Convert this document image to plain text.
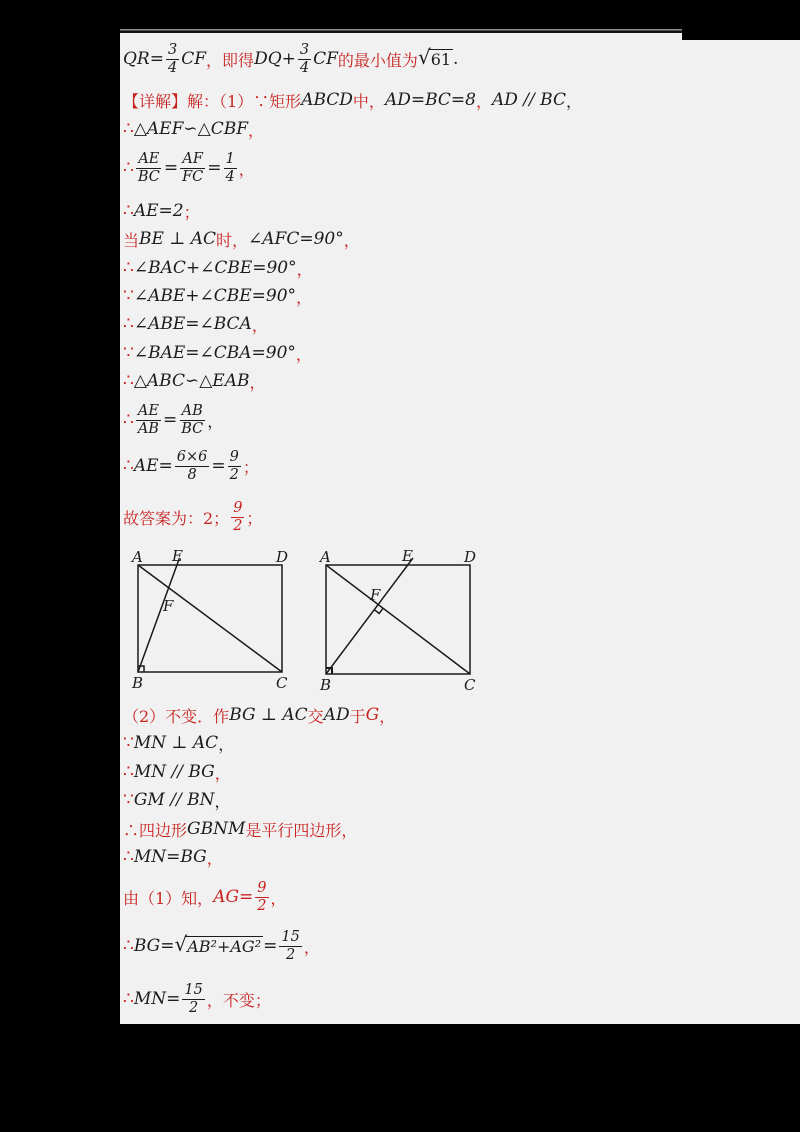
$QR= \frac{3}{4}$ CF ， 即得 $DQ+ \frac{3}{4}$ CF 的最小值为 √ 61 .
【详解】解：（1）∵矩形 ABCD 中， AD=BC=8 ， AD // BC ，
∴ △AEF∽△CBF ，
∴ $\frac{AE}{BC} = \frac{AF}{FC} = \frac{1}{4}$ ，
∴ AE=2 ；
当 BE ⊥ AC 时， ∠AFC=90° ，
∴ ∠BAC+∠CBE=90° ，
∵ ∠ABE+∠CBE=90° ，
∴ ∠ABE=∠BCA ，
∵ ∠BAE=∠CBA=90° ，
∴ △ABC∽△EAB ，
∴ $\frac{AE}{AB} = \frac{AB}{BC}$ ，
∴ $AE= \frac{6\times 6}{8} = \frac{9}{2}$ ；
故答案为：2； $\frac{9}{2}$ ；
（2）不变．作 BG ⊥ AC 交 AD 于 G ，
∵ MN ⊥ AC ，
∴ MN // BG ，
∵ GM // BN ，
∴四边形 GBNM 是平行四边形，
∴ MN=BG ，
由（1）知， $AG= \frac{9}{2}$ ，
∴ BG= √ $AB^2+AG^2 = \frac{15}{2}$ ，
∴ $MN= \frac{15}{2}$ ，不变；
A E	D
F
B	C
A	E	D
F
B	C
